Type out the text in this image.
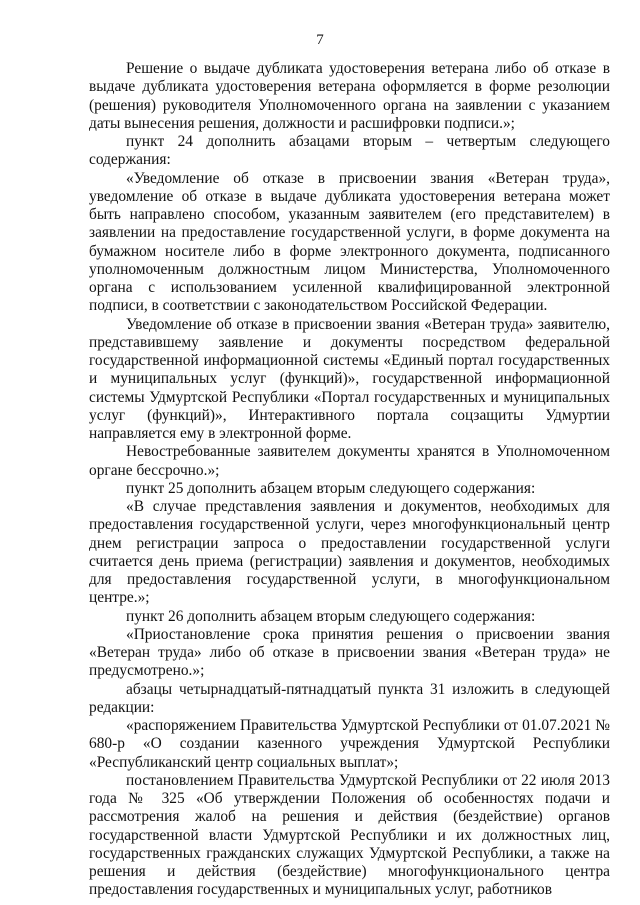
7

Решение о выдаче дубликата удостоверения ветерана либо об отказе в выдаче дубликата удостоверения ветерана оформляется в форме резолюции (решения) руководителя Уполномоченного органа на заявлении с указанием даты вынесения решения, должности и расшифровки подписи.»;

пункт 24 дополнить абзацами вторым – четвертым следующего содержания:

«Уведомление об отказе в присвоении звания «Ветеран труда», уведомление об отказе в выдаче дубликата удостоверения ветерана может быть направлено способом, указанным заявителем (его представителем) в заявлении на предоставление государственной услуги, в форме документа на бумажном носителе либо в форме электронного документа, подписанного уполномоченным должностным лицом Министерства, Уполномоченного органа с использованием усиленной квалифицированной электронной подписи, в соответствии с законодательством Российской Федерации.

Уведомление об отказе в присвоении звания «Ветеран труда» заявителю, представившему заявление и документы посредством федеральной государственной информационной системы «Единый портал государственных и муниципальных услуг (функций)», государственной информационной системы Удмуртской Республики «Портал государственных и муниципальных услуг (функций)», Интерактивного портала соцзащиты Удмуртии направляется ему в электронной форме.

Невостребованные заявителем документы хранятся в Уполномоченном органе бессрочно.»;

пункт 25 дополнить абзацем вторым следующего содержания:

«В случае представления заявления и документов, необходимых для предоставления государственной услуги, через многофункциональный центр днем регистрации запроса о предоставлении государственной услуги считается день приема (регистрации) заявления и документов, необходимых для предоставления государственной услуги, в многофункциональном центре.»;

пункт 26 дополнить абзацем вторым следующего содержания:

«Приостановление срока принятия решения о присвоении звания «Ветеран труда» либо об отказе в присвоении звания «Ветеран труда» не предусмотрено.»;

абзацы четырнадцатый-пятнадцатый пункта 31 изложить в следующей редакции:

«распоряжением Правительства Удмуртской Республики от 01.07.2021 № 680-р «О создании казенного учреждения Удмуртской Республики «Республиканский центр социальных выплат»;

постановлением Правительства Удмуртской Республики от 22 июля 2013 года № 325 «Об утверждении Положения об особенностях подачи и рассмотрения жалоб на решения и действия (бездействие) органов государственной власти Удмуртской Республики и их должностных лиц, государственных гражданских служащих Удмуртской Республики, а также на решения и действия (бездействие) многофункционального центра предоставления государственных и муниципальных услуг, работников
